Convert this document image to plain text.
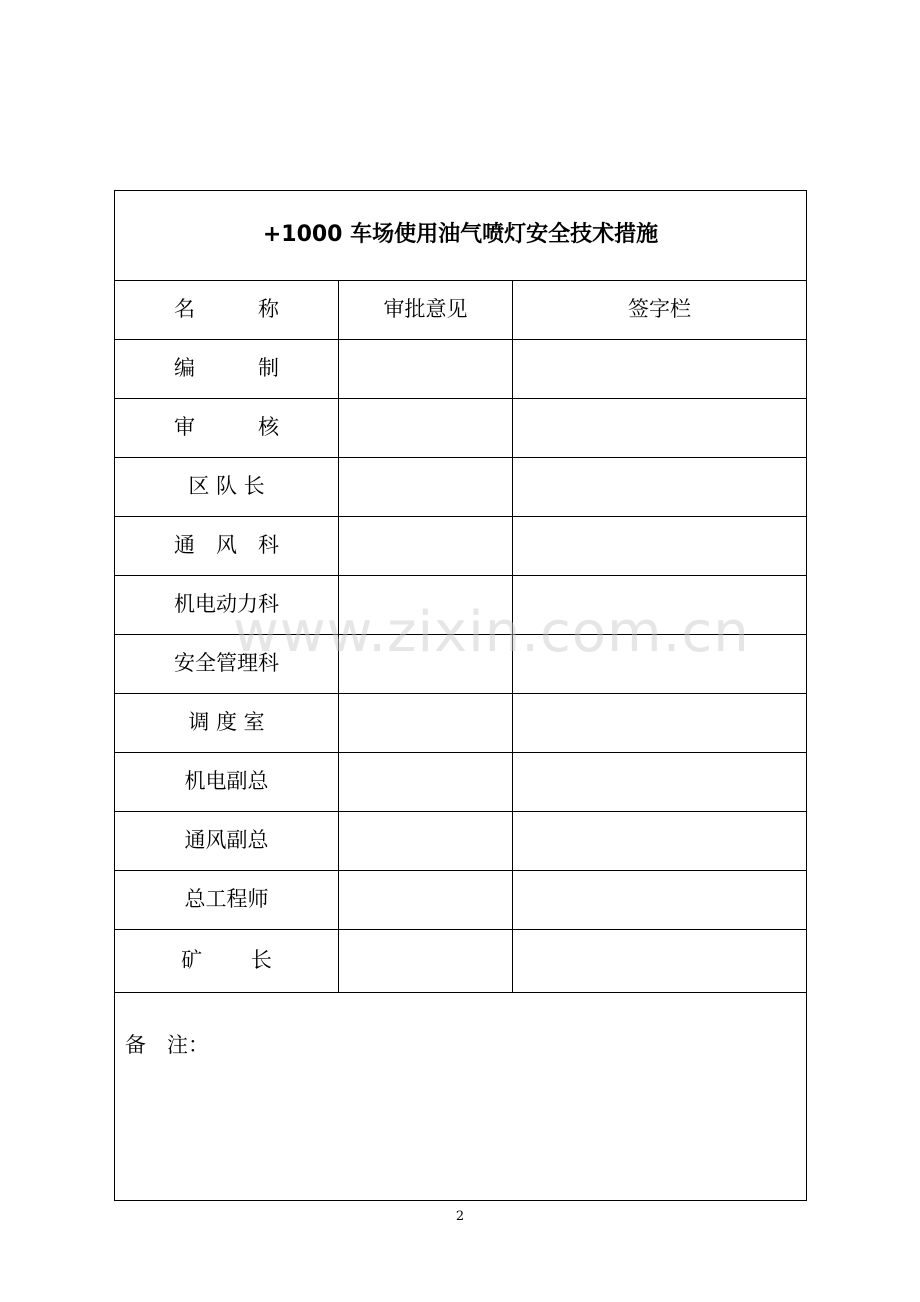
+1000 车场使用油气喷灯安全技术措施		
名　　　称	审批意见	签字栏
编　　　制		
审　　　核		
区 队 长		
通　风　科		
机电动力科		
安全管理科		
调 度 室		
机电副总		
通风副总		
总工程师		
矿　　 长		
备　注：		
www.zixin.com.cn
2
